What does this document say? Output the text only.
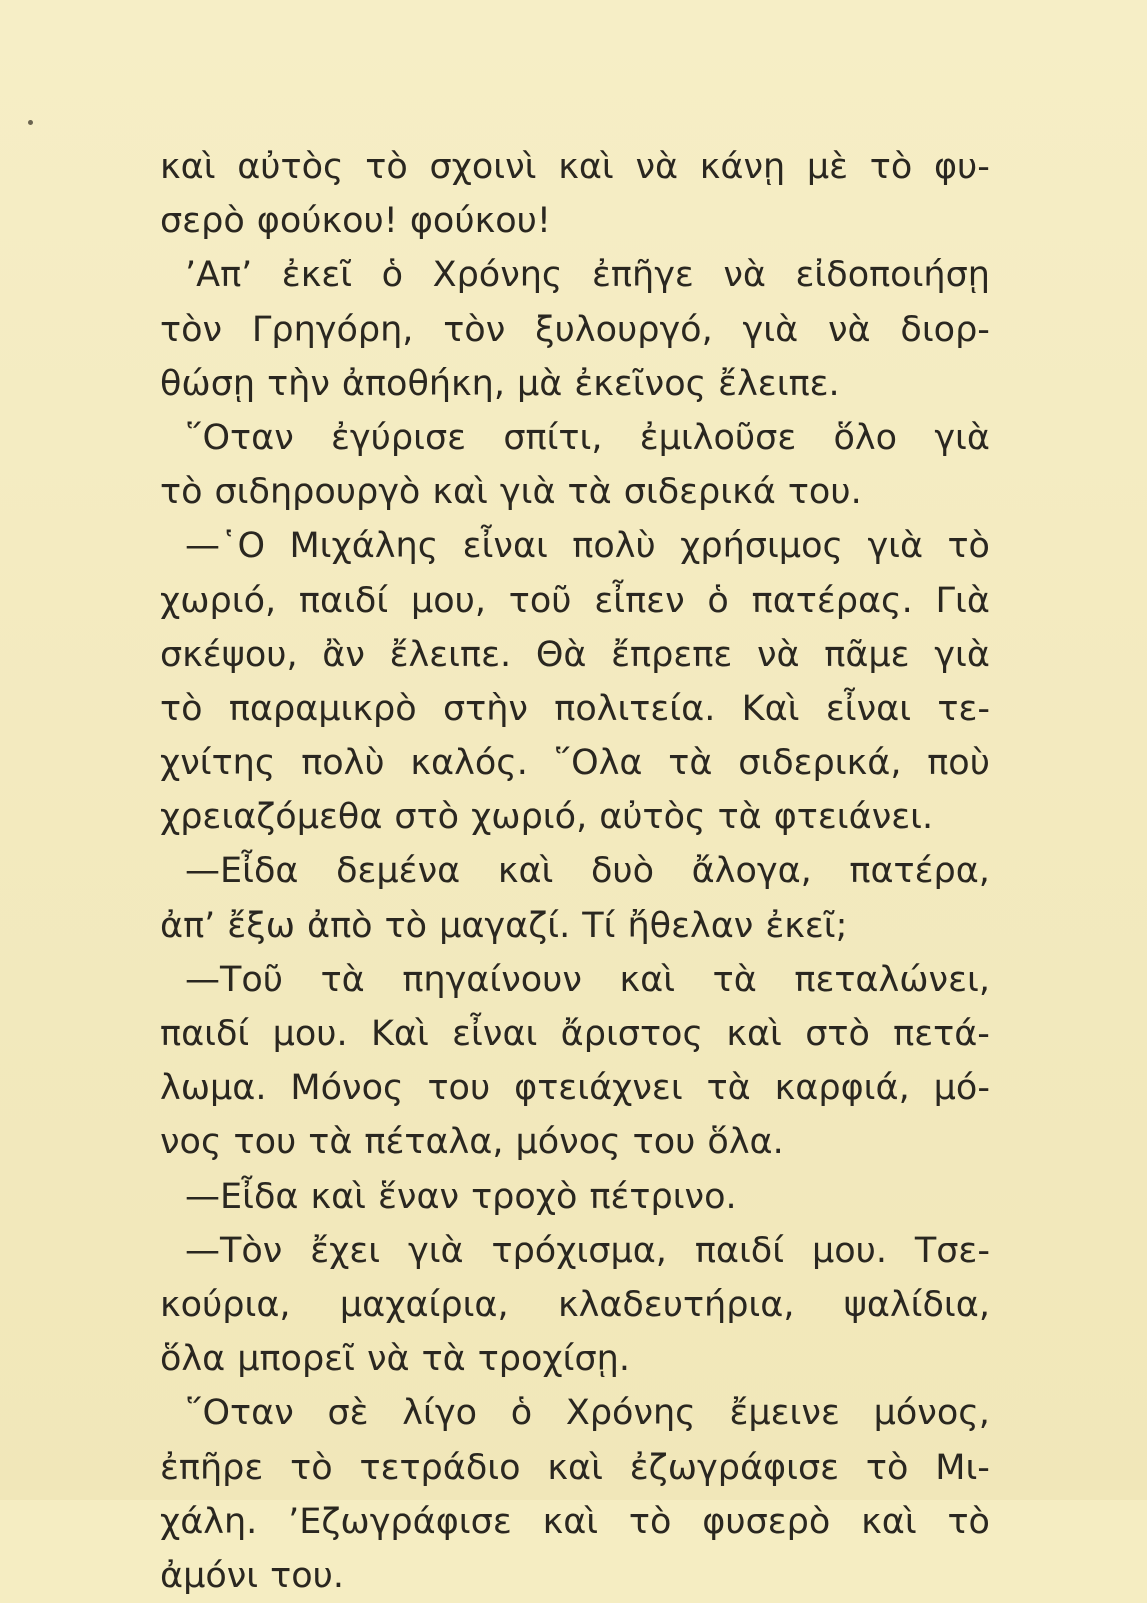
καὶ αὐτὸς τὸ σχοινὶ καὶ νὰ κάνῃ μὲ τὸ φυ-
σερὸ φούκου! φούκου!
’Απ’ ἐκεῖ ὁ Χρόνης ἐπῆγε νὰ εἰδοποιήσῃ
τὸν Γρηγόρη, τὸν ξυλουργό, γιὰ νὰ διορ-
θώσῃ τὴν ἀποθήκη, μὰ ἐκεῖνος ἔλειπε.
῞Οταν ἐγύρισε σπίτι, ἐμιλοῦσε ὅλο γιὰ
τὸ σιδηρουργὸ καὶ γιὰ τὰ σιδερικά του.
—῾Ο Μιχάλης εἶναι πολὺ χρήσιμος γιὰ τὸ
χωριό, παιδί μου, τοῦ εἶπεν ὁ πατέρας. Γιὰ
σκέψου, ἂν ἔλειπε. Θὰ ἔπρεπε νὰ πᾶμε γιὰ
τὸ παραμικρὸ στὴν πολιτεία. Καὶ εἶναι τε-
χνίτης πολὺ καλός. ῞Ολα τὰ σιδερικά, ποὺ
χρειαζόμεθα στὸ χωριό, αὐτὸς τὰ φτειάνει.
—Εἶδα δεμένα καὶ δυὸ ἄλογα, πατέρα,
ἀπ’ ἔξω ἀπὸ τὸ μαγαζί. Τί ἤθελαν ἐκεῖ;
—Τοῦ τὰ πηγαίνουν καὶ τὰ πεταλώνει,
παιδί μου. Καὶ εἶναι ἄριστος καὶ στὸ πετά-
λωμα. Μόνος του φτειάχνει τὰ καρφιά, μό-
νος του τὰ πέταλα, μόνος του ὅλα.
—Εἶδα καὶ ἕναν τροχὸ πέτρινο.
—Τὸν ἔχει γιὰ τρόχισμα, παιδί μου. Τσε-
κούρια, μαχαίρια, κλαδευτήρια, ψαλίδια,
ὅλα μπορεῖ νὰ τὰ τροχίσῃ.
῞Οταν σὲ λίγο ὁ Χρόνης ἔμεινε μόνος,
ἐπῆρε τὸ τετράδιο καὶ ἐζωγράφισε τὸ Μι-
χάλη. ’Εζωγράφισε καὶ τὸ φυσερὸ καὶ τὸ
ἀμόνι του.
